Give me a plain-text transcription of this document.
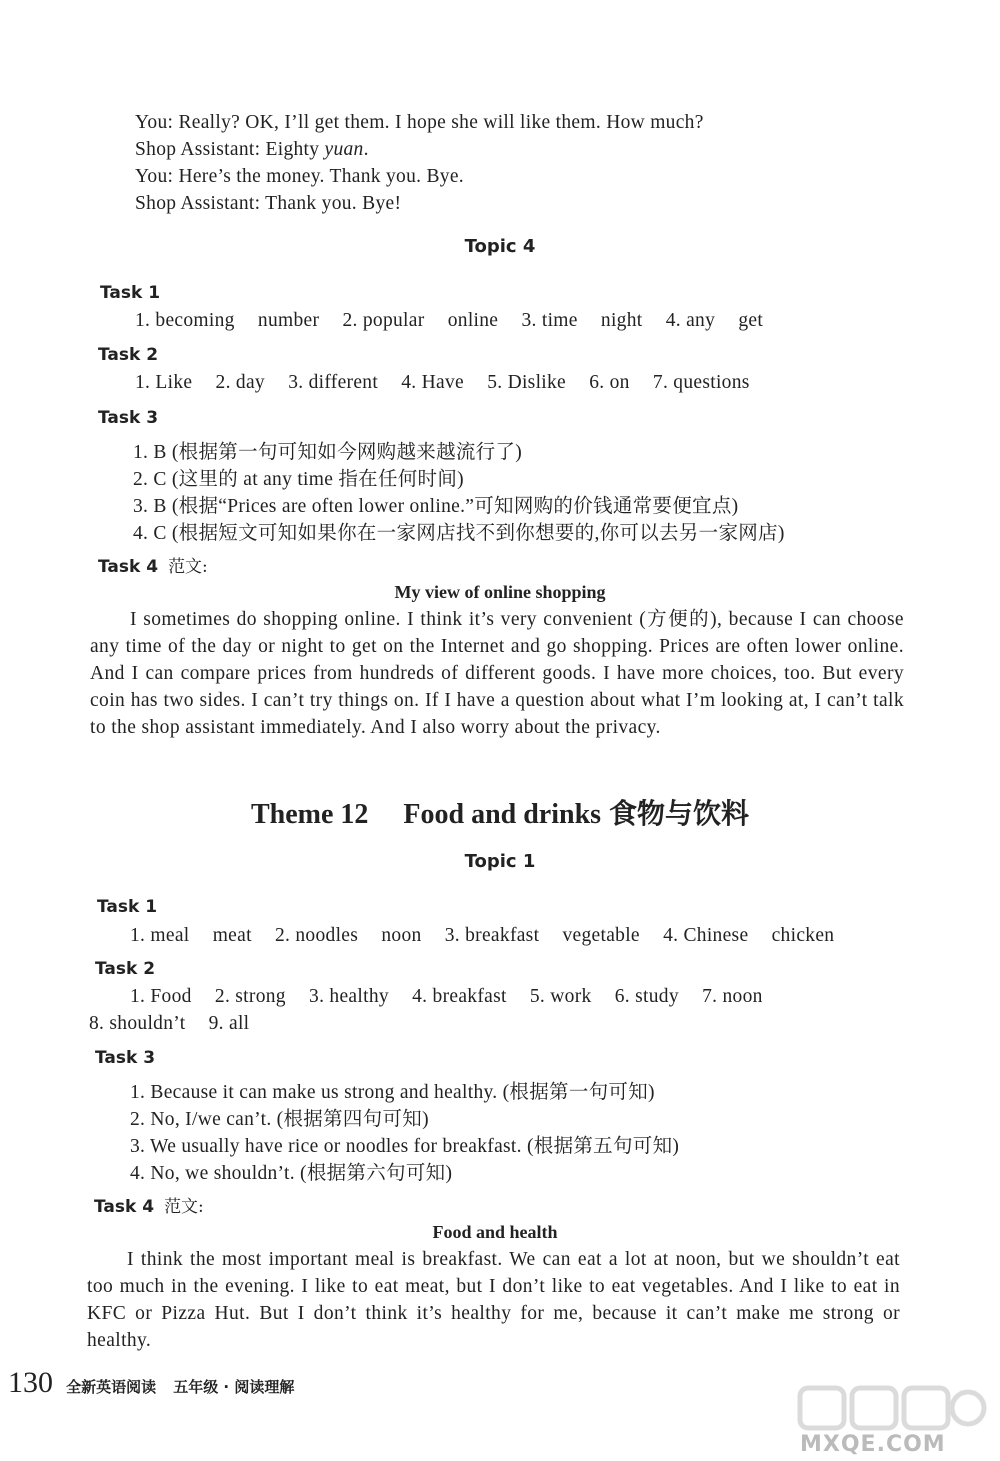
You: Really? OK, I’ll get them. I hope she will like them. How much?
Shop Assistant: Eighty yuan.
You: Here’s the money. Thank you. Bye.
Shop Assistant: Thank you. Bye!
Topic 4
Task 1
1. becoming number 2. popular online 3. time night 4. any get
Task 2
1. Like 2. day 3. different 4. Have 5. Dislike 6. on 7. questions
Task 3
1. B (根据第一句可知如今网购越来越流行了)
2. C (这里的 at any time 指在任何时间)
3. B (根据“Prices are often lower online.”可知网购的价钱通常要便宜点)
4. C (根据短文可知如果你在一家网店找不到你想要的,你可以去另一家网店)
Task 4 范文:
My view of online shopping

I sometimes do shopping online. I think it’s very convenient (方便的), because I can choose any time of the day or night to get on the Internet and go shopping. Prices are often lower online. And I can compare prices from hundreds of different goods. I have more choices, too. But every coin has two sides. I can’t try things on. If I have a question about what I’m looking at, I can’t talk to the shop assistant immediately. And I also worry about the privacy.

Theme 12 Food and drinks 食物与饮料
Topic 1
Task 1
1. meal meat 2. noodles noon 3. breakfast vegetable 4. Chinese chicken
Task 2
1. Food 2. strong 3. healthy 4. breakfast 5. work 6. study 7. noon
8. shouldn’t 9. all
Task 3
1. Because it can make us strong and healthy. (根据第一句可知)
2. No, I/we can’t. (根据第四句可知)
3. We usually have rice or noodles for breakfast. (根据第五句可知)
4. No, we shouldn’t. (根据第六句可知)
Task 4 范文:
Food and health

I think the most important meal is breakfast. We can eat a lot at noon, but we shouldn’t eat too much in the evening. I like to eat meat, but I don’t like to eat vegetables. And I like to eat in KFC or Pizza Hut. But I don’t think it’s healthy for me, because it can’t make me strong or healthy.

130 全新英语阅读 五年级 · 阅读理解
MXQE.COM
